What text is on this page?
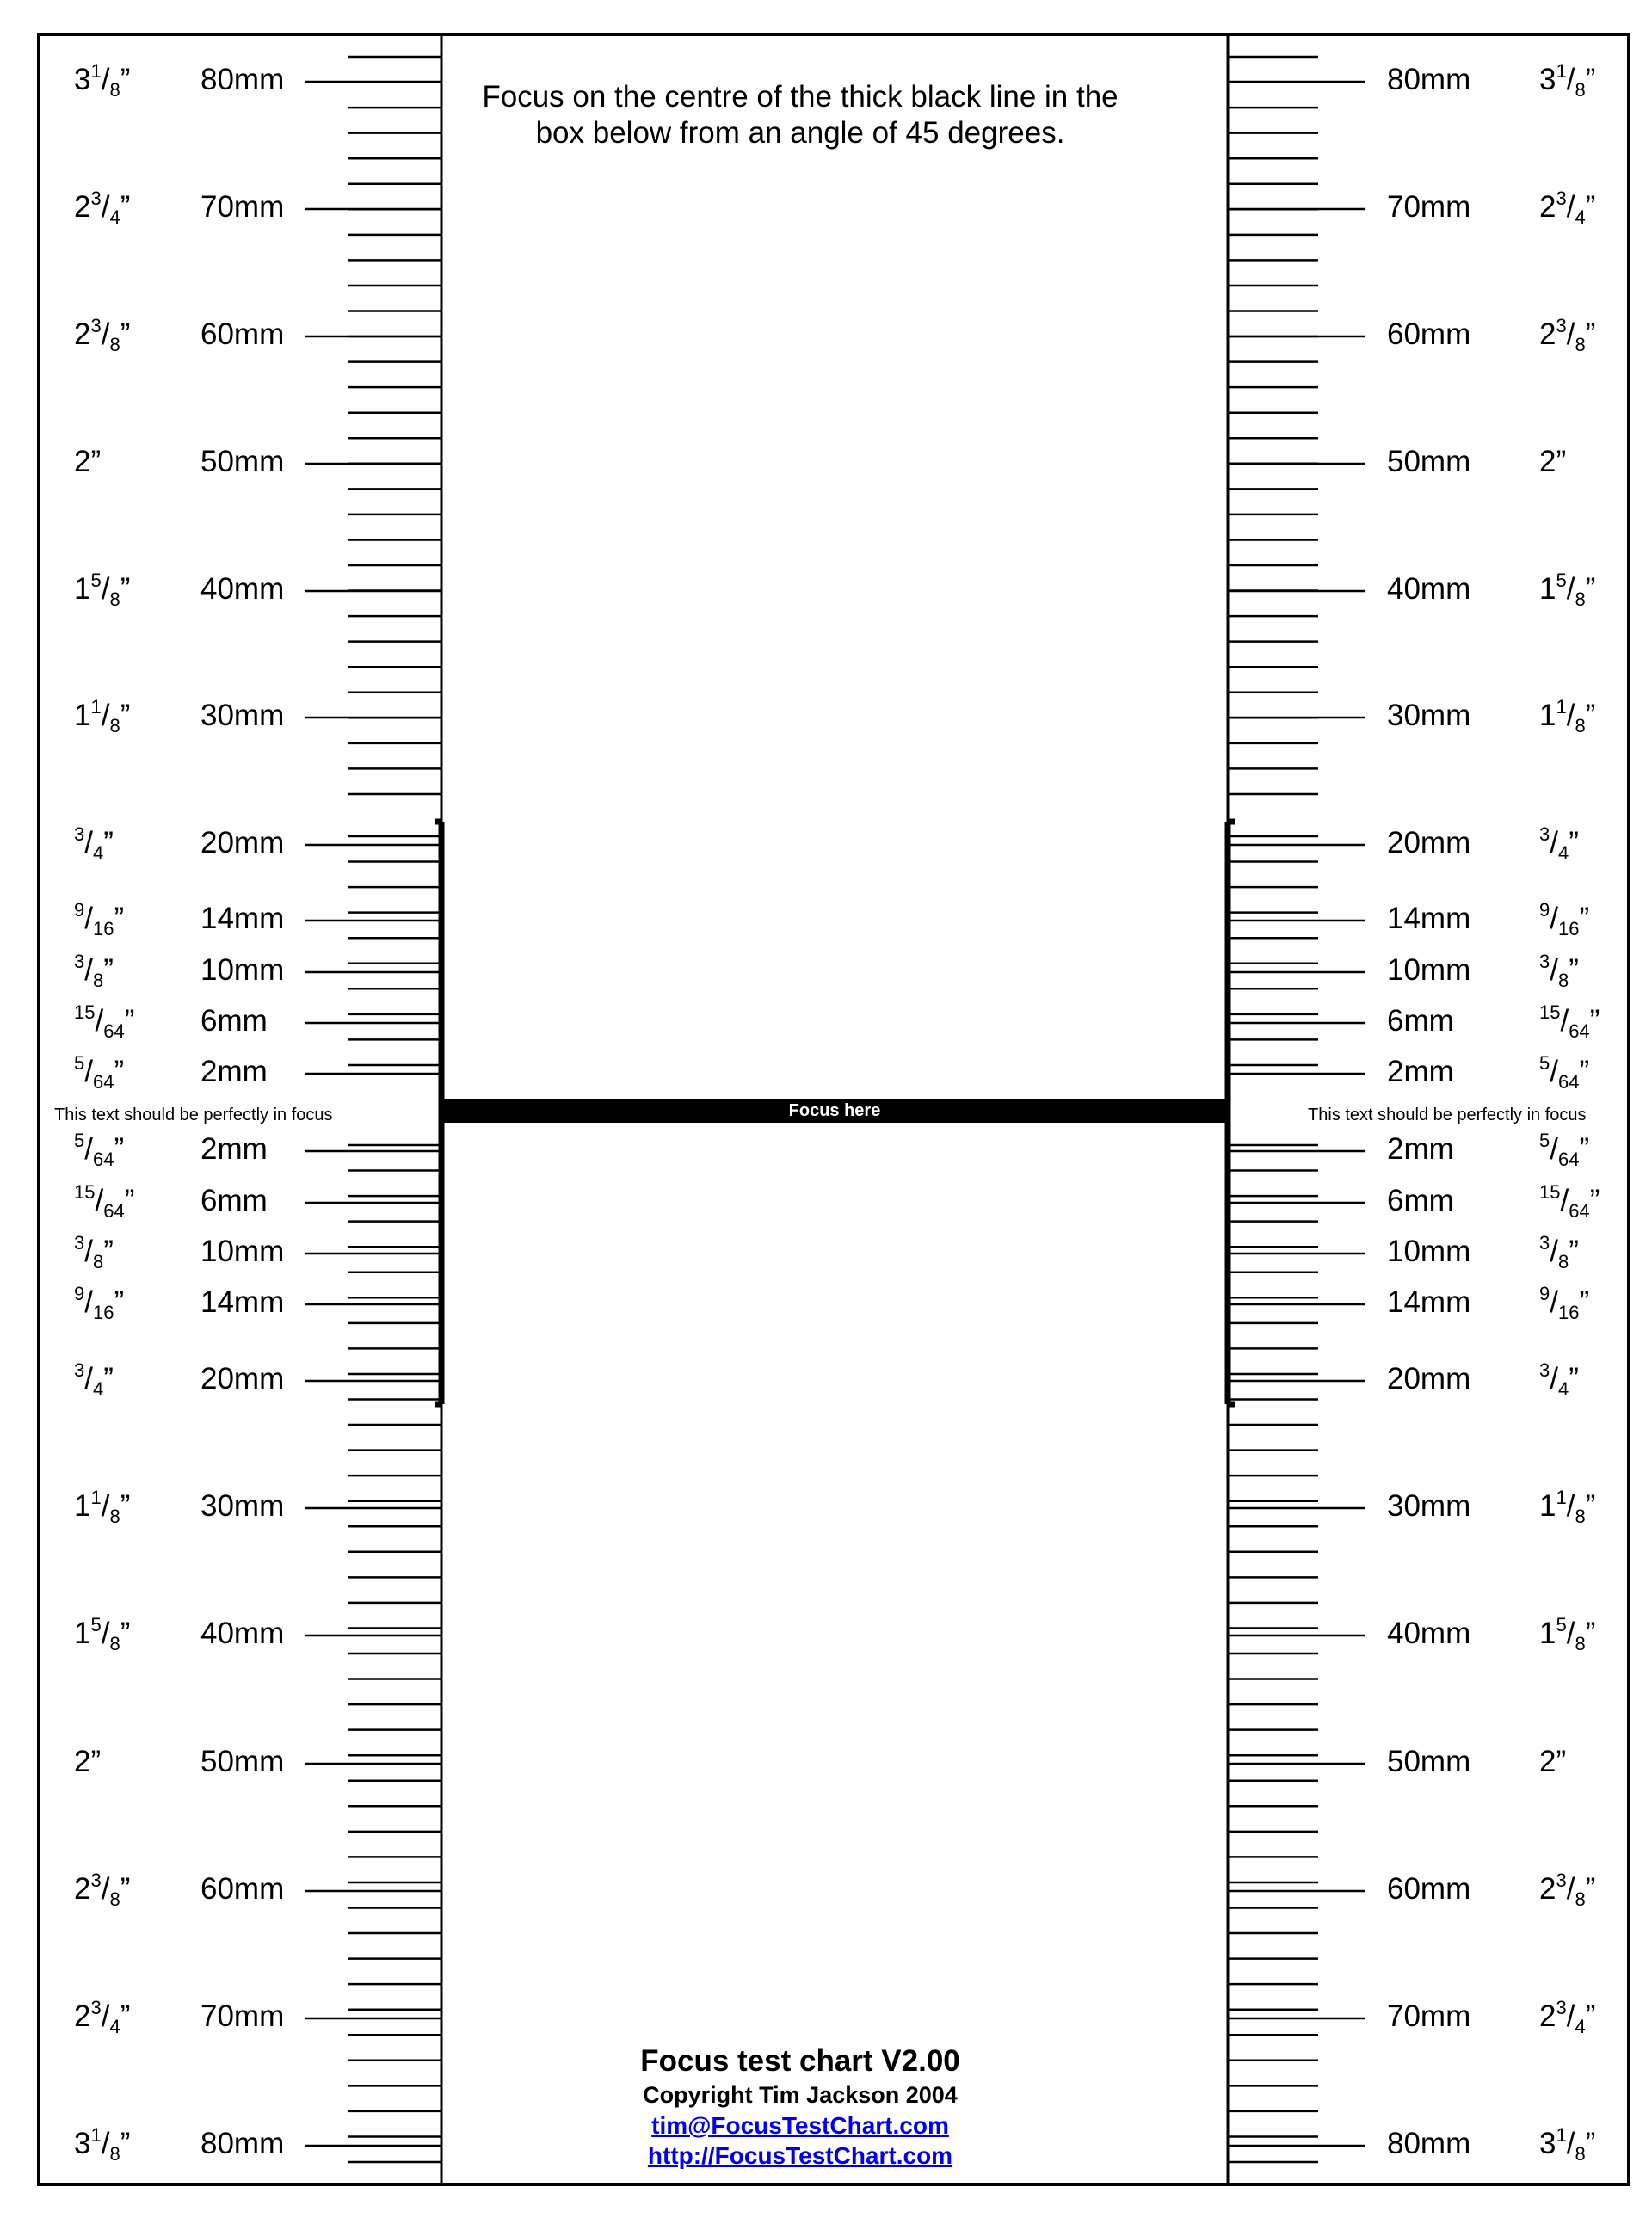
Focus on the centre of the thick black line in the box below from an angle of 45 degrees.
Focus here
This text should be perfectly in focus	This text should be perfectly in focus
80mm	80mm
$3^1/_8$”	$3^1/_8$”
70mm	70mm
$2^3/_4$”	$2^3/_4$”
60mm	60mm
$2^3/_8$”	$2^3/_8$”
50mm	50mm
2”	2”
40mm	40mm
$1^5/_8$”	$1^5/_8$”
30mm	30mm
$1^1/_8$”	$1^1/_8$”
20mm	20mm
$^3/_4$”	$^3/_4$”
14mm	14mm
$^9/_{16}$”	$^9/_{16}$”
10mm	10mm
$^3/_8$”	$^3/_8$”
6mm	6mm
$^{15}/_{64}$”	$^{15}/_{64}$”
2mm	2mm
$^5/_{64}$”	$^5/_{64}$”
2mm	2mm
$^5/_{64}$”	$^5/_{64}$”
6mm	6mm
$^{15}/_{64}$”	$^{15}/_{64}$”
10mm	10mm
$^3/_8$”	$^3/_8$”
14mm	14mm
$^9/_{16}$”	$^9/_{16}$”
20mm	20mm
$^3/_4$”	$^3/_4$”
30mm	30mm
$1^1/_8$”	$1^1/_8$”
40mm	40mm
$1^5/_8$”	$1^5/_8$”
50mm	50mm
2”	2”
60mm	60mm
$2^3/_8$”	$2^3/_8$”
70mm	70mm
$2^3/_4$”	$2^3/_4$”
80mm	80mm
$3^1/_8$”	$3^1/_8$”
Focus test chart V2.00
Copyright Tim Jackson 2004
tim@FocusTestChart.com
http://FocusTestChart.com
